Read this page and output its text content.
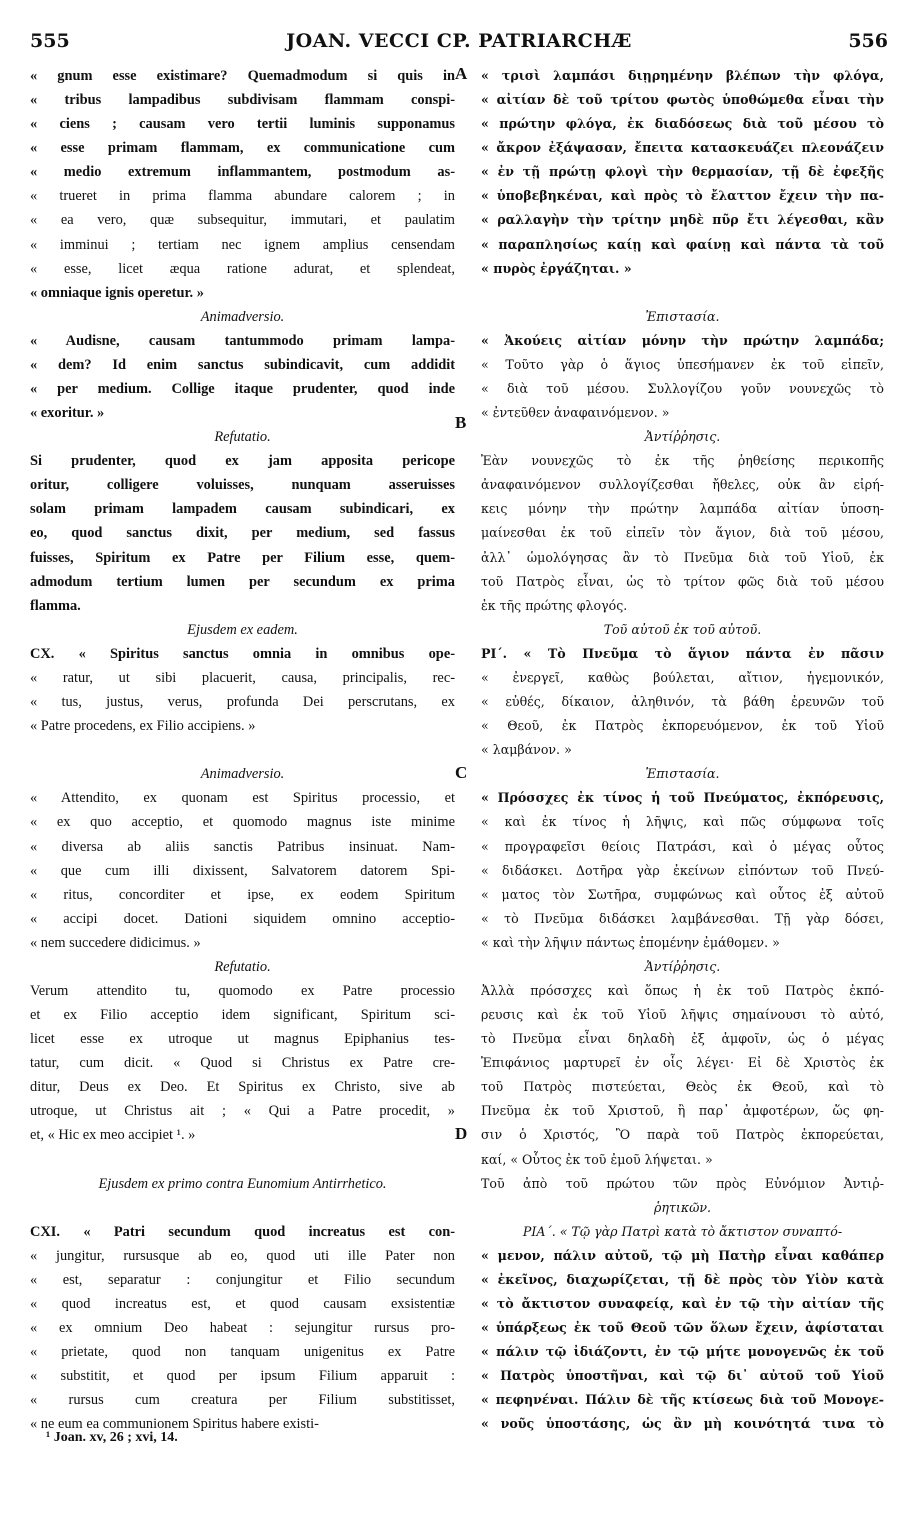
555	JOAN. VECCI CP. PATRIARCHÆ	556
« gnum esse existimare? Quemadmodum si quis in
« tribus lampadibus subdivisam flammam conspi-
« ciens ; causam vero tertii luminis supponamus
« esse primam flammam, ex communicatione cum
« medio extremum inflammantem, postmodum as-
« trueret in prima flamma abundare calorem ; in
« ea vero, quæ subsequitur, immutari, et paulatim
« imminui ; tertiam nec ignem amplius censendam
« esse, licet æqua ratione adurat, et splendeat,
« omniaque ignis operetur. »
Animadversio.
« Audisne, causam tantummodo primam lampa-
« dem? Id enim sanctus subindicavit, cum addidit
« per medium. Collige itaque prudenter, quod inde
« exoritur. »
Refutatio.
Si prudenter, quod ex jam apposita pericope
oritur, colligere voluisses, nunquam asseruisses
solam primam lampadem causam subindicari, ex
eo, quod sanctus dixit, per medium, sed fassus
fuisses, Spiritum ex Patre per Filium esse, quem-
admodum tertium lumen per secundum ex prima
flamma.
Ejusdem ex eadem.
CX. « Spiritus sanctus omnia in omnibus ope-
« ratur, ut sibi placuerit, causa, principalis, rec-
« tus, justus, verus, profunda Dei perscrutans, ex
« Patre procedens, ex Filio accipiens. »
Animadversio.
« Attendito, ex quonam est Spiritus processio, et
« ex quo acceptio, et quomodo magnus iste minime
« diversa ab aliis sanctis Patribus insinuat. Nam-
« que cum illi dixissent, Salvatorem datorem Spi-
« ritus, concorditer et ipse, ex eodem Spiritum
« accipi docet. Dationi siquidem omnino acceptio-
« nem succedere didicimus. »
Refutatio.
Verum attendito tu, quomodo ex Patre processio
et ex Filio acceptio idem significant, Spiritum sci-
licet esse ex utroque ut magnus Epiphanius tes-
tatur, cum dicit. « Quod si Christus ex Patre cre-
ditur, Deus ex Deo. Et Spiritus ex Christo, sive ab
utroque, ut Christus ait ; « Qui a Patre procedit, »
et, « Hic ex meo accipiet ¹. »
Ejusdem ex primo contra Eunomium Antirrhetico.
CXI. « Patri secundum quod increatus est con-
« jungitur, rursusque ab eo, quod uti ille Pater non
« est, separatur : conjungitur et Filio secundum
« quod increatus est, et quod causam exsistentiæ
« ex omnium Deo habeat : sejungitur rursus pro-
« prietate, quod non tanquam unigenitus ex Patre
« substitit, et quod per ipsum Filium apparuit :
« rursus cum creatura per Filium substitisset,
« ne eum ea communionem Spiritus habere existi-
« τρισὶ λαμπάσι διῃρημένην βλέπων τὴν φλόγα,
« αἰτίαν δὲ τοῦ τρίτου φωτὸς ὑποθώμεθα εἶναι τὴν
« πρώτην φλόγα, ἐκ διαδόσεως διὰ τοῦ μέσου τὸ
« ἄκρον ἐξάψασαν, ἔπειτα κατασκευάζει πλεονάζειν
« ἐν τῇ πρώτῃ φλογὶ τὴν θερμασίαν, τῇ δὲ ἐφεξῆς
« ὑποβεβηκέναι, καὶ πρὸς τὸ ἔλαττον ἔχειν τὴν πα-
« ραλλαγὴν τὴν τρίτην μηδὲ πῦρ ἔτι λέγεσθαι, κἂν
« παραπλησίως καίῃ καὶ φαίνῃ καὶ πάντα τὰ τοῦ
« πυρὸς ἐργάζηται. »
Ἐπιστασία.
« Ἀκούεις αἰτίαν μόνην τὴν πρώτην λαμπάδα;
« Τοῦτο γὰρ ὁ ἅγιος ὑπεσήμανεν ἐκ τοῦ εἰπεῖν,
« διὰ τοῦ μέσου. Συλλογίζου γοῦν νουνεχῶς τὸ
« ἐντεῦθεν ἀναφαινόμενον. »
Ἀντίῤῥησις.
Ἐὰν νουνεχῶς τὸ ἐκ τῆς ῥηθείσης περικοπῆς
ἀναφαινόμενον συλλογίζεσθαι ἤθελες, οὐκ ἂν εἰρή-
κεις μόνην τὴν πρώτην λαμπάδα αἰτίαν ὑποση-
μαίνεσθαι ἐκ τοῦ εἰπεῖν τὸν ἅγιον, διὰ τοῦ μέσου,
ἀλλ᾽ ὡμολόγησας ἂν τὸ Πνεῦμα διὰ τοῦ Υἱοῦ, ἐκ
τοῦ Πατρὸς εἶναι, ὡς τὸ τρίτον φῶς διὰ τοῦ μέσου
ἐκ τῆς πρώτης φλογός.
Τοῦ αὐτοῦ ἐκ τοῦ αὐτοῦ.
ΡΙ΄. « Τὸ Πνεῦμα τὸ ἅγιον πάντα ἐν πᾶσιν
« ἐνεργεῖ, καθὼς βούλεται, αἴτιον, ἡγεμονικόν,
« εὐθές, δίκαιον, ἀληθινόν, τὰ βάθη ἐρευνῶν τοῦ
« Θεοῦ, ἐκ Πατρὸς ἐκπορευόμενον, ἐκ τοῦ Υἱοῦ
« λαμβάνον. »
Ἐπιστασία.
« Πρόσσχες ἐκ τίνος ἡ τοῦ Πνεύματος, ἐκπόρευσις,
« καὶ ἐκ τίνος ἡ λῆψις, καὶ πῶς σύμφωνα τοῖς
« προγραφεῖσι θείοις Πατράσι, καὶ ὁ μέγας οὗτος
« διδάσκει. Δοτῆρα γὰρ ἐκείνων εἰπόντων τοῦ Πνεύ-
« ματος τὸν Σωτῆρα, συμφώνως καὶ οὗτος ἐξ αὐτοῦ
« τὸ Πνεῦμα διδάσκει λαμβάνεσθαι. Τῇ γὰρ δόσει,
« καὶ τὴν λῆψιν πάντως ἑπομένην ἐμάθομεν. »
Ἀντίῤῥησις.
Ἀλλὰ πρόσσχες καὶ ὅπως ἡ ἐκ τοῦ Πατρὸς ἐκπό-
ρευσις καὶ ἐκ τοῦ Υἱοῦ λῆψις σημαίνουσι τὸ αὐτό,
τὸ Πνεῦμα εἶναι δηλαδὴ ἐξ ἀμφοῖν, ὡς ὁ μέγας
Ἐπιφάνιος μαρτυρεῖ ἐν οἷς λέγει· Εἰ δὲ Χριστὸς ἐκ
τοῦ Πατρὸς πιστεύεται, Θεὸς ἐκ Θεοῦ, καὶ τὸ
Πνεῦμα ἐκ τοῦ Χριστοῦ, ἢ παρ᾽ ἀμφοτέρων, ὥς φη-
σιν ὁ Χριστός, Ὃ παρὰ τοῦ Πατρὸς ἐκπορεύεται,
καί, « Οὗτος ἐκ τοῦ ἐμοῦ λήψεται. »
Τοῦ ἀπὸ τοῦ πρώτου τῶν πρὸς Εὐνόμιον Ἀντιῤ-
ῥητικῶν.
ΡΙΑ΄. « Τῷ γὰρ Πατρὶ κατὰ τὸ ἄκτιστον συναπτό-
« μενον, πάλιν αὐτοῦ, τῷ μὴ Πατὴρ εἶναι καθάπερ
« ἐκεῖνος, διαχωρίζεται, τῇ δὲ πρὸς τὸν Υἱὸν κατὰ
« τὸ ἄκτιστον συναφείᾳ, καὶ ἐν τῷ τὴν αἰτίαν τῆς
« ὑπάρξεως ἐκ τοῦ Θεοῦ τῶν ὅλων ἔχειν, ἀφίσταται
« πάλιν τῷ ἰδιάζοντι, ἐν τῷ μήτε μονογενῶς ἐκ τοῦ
« Πατρὸς ὑποστῆναι, καὶ τῷ δι᾽ αὐτοῦ τοῦ Υἱοῦ
« πεφηνέναι. Πάλιν δὲ τῆς κτίσεως διὰ τοῦ Μονογε-
« νοῦς ὑποστάσης, ὡς ἂν μὴ κοινότητά τινα τὸ
A
B
C
D
¹ Joan. xv, 26 ; xvi, 14.
